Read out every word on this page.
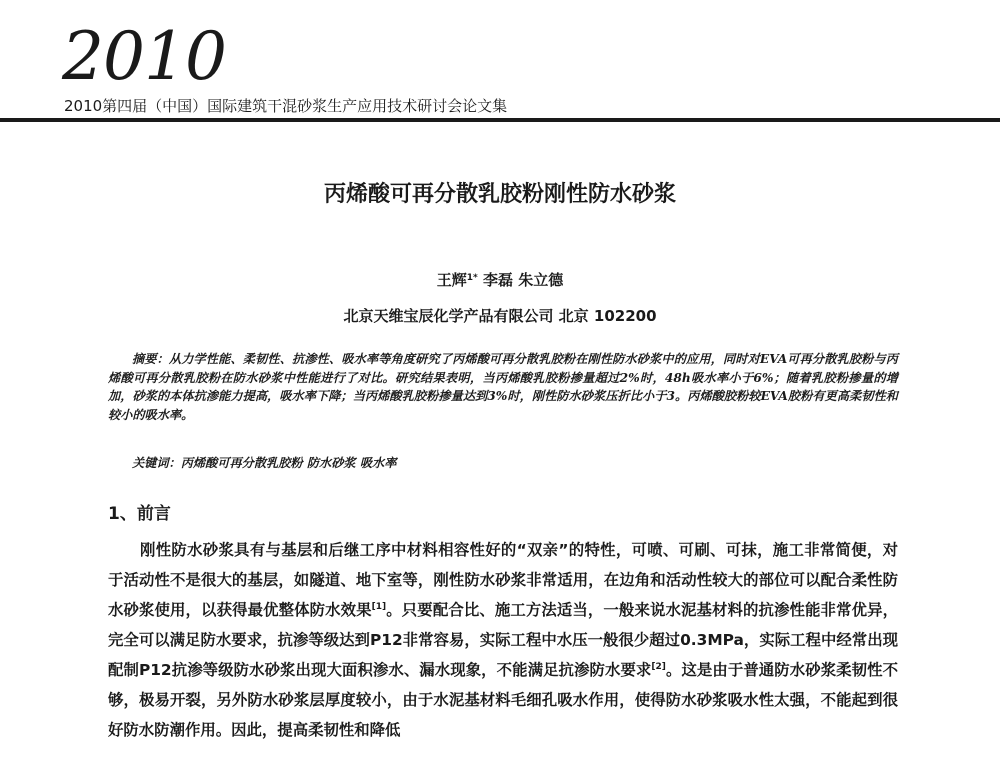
2010
2010第四届（中国）国际建筑干混砂浆生产应用技术研讨会论文集
丙烯酸可再分散乳胶粉刚性防水砂浆
王辉$^{1*}$ 李磊 朱立德
北京天维宝辰化学产品有限公司 北京 102200
摘要：从力学性能、柔韧性、抗渗性、吸水率等角度研究了丙烯酸可再分散乳胶粉在刚性防水砂浆中的应用，同时对EVA可再分散乳胶粉与丙烯酸可再分散乳胶粉在防水砂浆中性能进行了对比。研究结果表明，当丙烯酸乳胶粉掺量超过2%时，48h吸水率小于6%；随着乳胶粉掺量的增加，砂浆的本体抗渗能力提高，吸水率下降；当丙烯酸乳胶粉掺量达到3%时，刚性防水砂浆压折比小于3。丙烯酸胶粉较EVA胶粉有更高柔韧性和较小的吸水率。
关键词：丙烯酸可再分散乳胶粉 防水砂浆 吸水率
1、前言
刚性防水砂浆具有与基层和后继工序中材料相容性好的“双亲”的特性，可喷、可刷、可抹，施工非常简便，对于活动性不是很大的基层，如隧道、地下室等，刚性防水砂浆非常适用，在边角和活动性较大的部位可以配合柔性防水砂浆使用，以获得最优整体防水效果[1]。只要配合比、施工方法适当，一般来说水泥基材料的抗渗性能非常优异，完全可以满足防水要求，抗渗等级达到P12非常容易，实际工程中水压一般很少超过0.3MPa，实际工程中经常出现配制P12抗渗等级防水砂浆出现大面积渗水、漏水现象，不能满足抗渗防水要求[2]。这是由于普通防水砂浆柔韧性不够，极易开裂，另外防水砂浆层厚度较小，由于水泥基材料毛细孔吸水作用，使得防水砂浆吸水性太强，不能起到很好防水防潮作用。因此，提高柔韧性和降低
